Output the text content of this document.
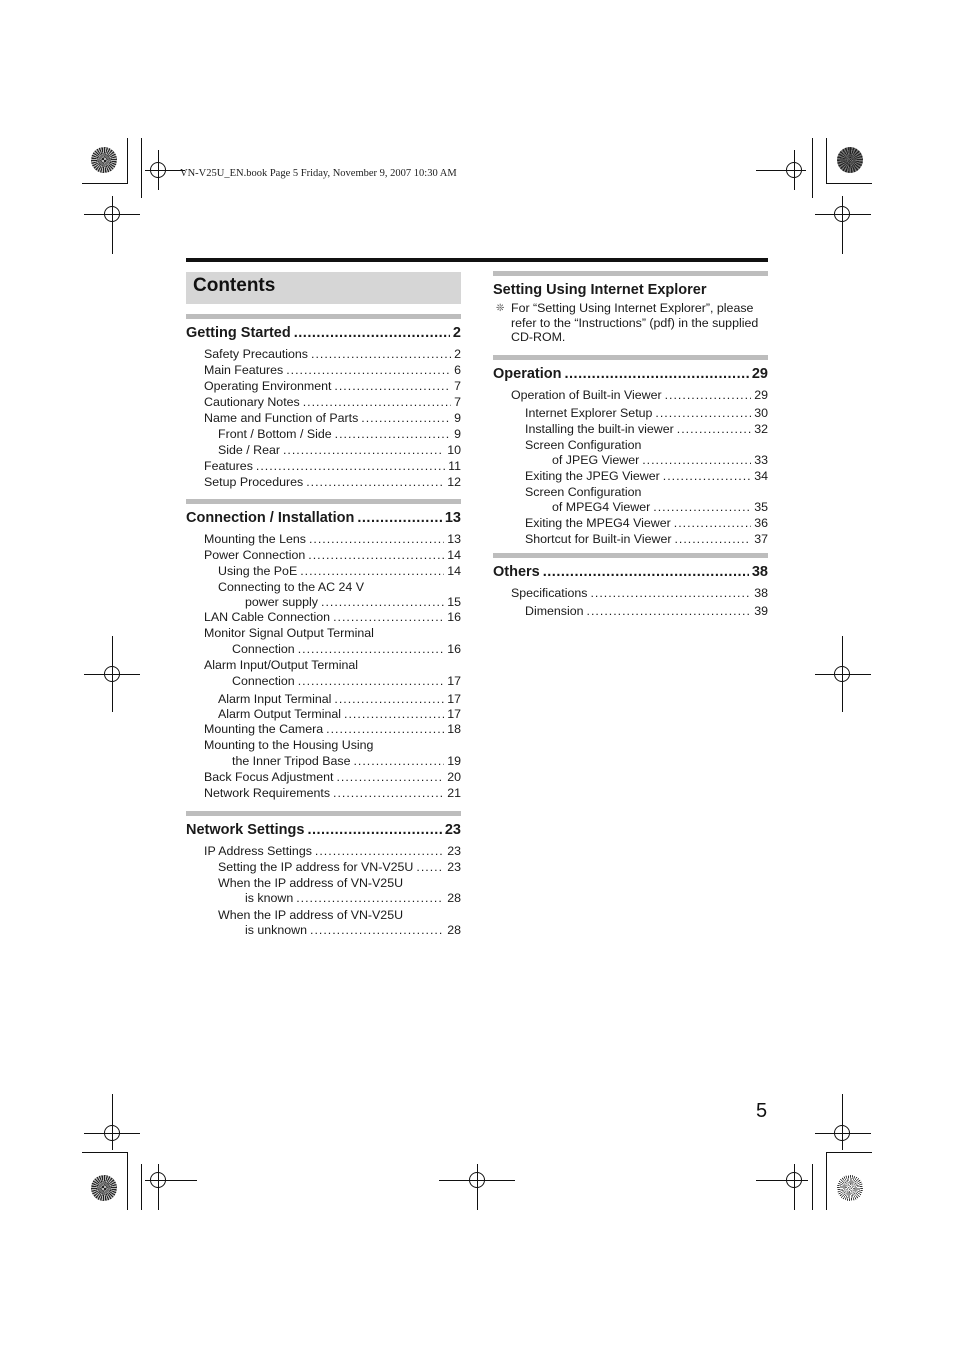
VN-V25U_EN.book Page 5 Friday, November 9, 2007 10:30 AM
Contents
Getting Started .....	2
Safety Precautions .....	2
Main Features .....	6
Operating Environment .....	7
Cautionary Notes .....	7
Name and Function of Parts .....	9
Front / Bottom / Side .....	9
Side / Rear .....	10
Features .....	11
Setup Procedures .....	12
Connection / Installation .....	13
Mounting the Lens .....	13
Power Connection .....	14
Using the PoE .....	14
Connecting to the AC 24 V
power supply .....	15
LAN Cable Connection .....	16
Monitor Signal Output Terminal
Connection .....	16
Alarm Input/Output Terminal
Connection .....	17
Alarm Input Terminal .....	17
Alarm Output Terminal .....	17
Mounting the Camera .....	18
Mounting to the Housing Using
the Inner Tripod Base .....	19
Back Focus Adjustment .....	20
Network Requirements .....	21
Network Settings .....	23
IP Address Settings .....	23
Setting the IP address for VN-V25U .....	23
When the IP address of VN-V25U
is known .....	28
When the IP address of VN-V25U
is unknown .....	28
Setting Using Internet Explorer
❊ For “Setting Using Internet Explorer”, please refer to the “Instructions” (pdf) in the supplied CD-ROM.
Operation .....	29
Operation of Built-in Viewer .....	29
Internet Explorer Setup .....	30
Installing the built-in viewer .....	32
Screen Configuration
of JPEG Viewer .....	33
Exiting the JPEG Viewer .....	34
Screen Configuration
of MPEG4 Viewer .....	35
Exiting the MPEG4 Viewer .....	36
Shortcut for Built-in Viewer .....	37
Others .....	38
Specifications .....	38
Dimension .....	39
5
